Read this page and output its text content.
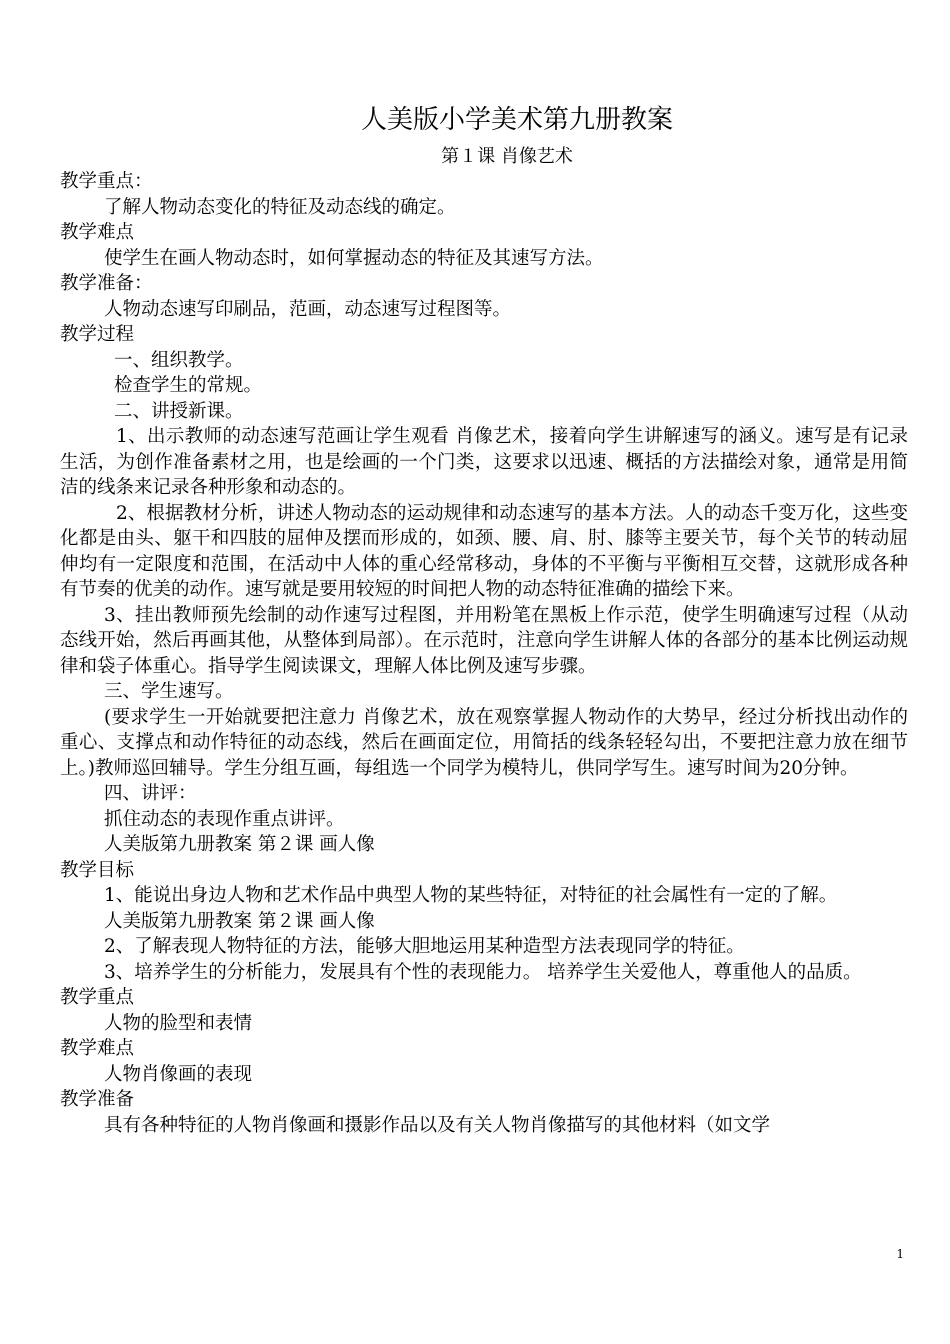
人美版小学美术第九册教案
第１课 肖像艺术

教学重点：

了解人物动态变化的特征及动态线的确定。

教学难点

使学生在画人物动态时，如何掌握动态的特征及其速写方法。

教学准备：

人物动态速写印刷品，范画，动态速写过程图等。

教学过程

一、组织教学。

检查学生的常规。

二、讲授新课。

1、出示教师的动态速写范画让学生观看 肖像艺术，接着向学生讲解速写的涵义。速写是有记录生活，为创作准备素材之用，也是绘画的一个门类，这要求以迅速、概括的方法描绘对象，通常是用简洁的线条来记录各种形象和动态的。

2、根据教材分析，讲述人物动态的运动规律和动态速写的基本方法。人的动态千变万化，这些变化都是由头、躯干和四肢的屈伸及摆而形成的，如颈、腰、肩、肘、膝等主要关节，每个关节的转动屈伸均有一定限度和范围，在活动中人体的重心经常移动，身体的不平衡与平衡相互交替，这就形成各种有节奏的优美的动作。速写就是要用较短的时间把人物的动态特征准确的描绘下来。

3、挂出教师预先绘制的动作速写过程图，并用粉笔在黑板上作示范，使学生明确速写过程（从动态线开始，然后再画其他，从整体到局部）。在示范时，注意向学生讲解人体的各部分的基本比例运动规律和袋子体重心。指导学生阅读课文，理解人体比例及速写步骤。

三、学生速写。

(要求学生一开始就要把注意力 肖像艺术，放在观察掌握人物动作的大势早，经过分析找出动作的重心、支撑点和动作特征的动态线，然后在画面定位，用简括的线条轻轻勾出，不要把注意力放在细节上。)教师巡回辅导。学生分组互画，每组选一个同学为模特儿，供同学写生。速写时间为20分钟。

四、讲评：

抓住动态的表现作重点讲评。

人美版第九册教案 第２课 画人像

教学目标

1、能说出身边人物和艺术作品中典型人物的某些特征，对特征的社会属性有一定的了解。

人美版第九册教案 第２课 画人像

2、了解表现人物特征的方法，能够大胆地运用某种造型方法表现同学的特征。

3、培养学生的分析能力，发展具有个性的表现能力。 培养学生关爱他人，尊重他人的品质。

教学重点

人物的脸型和表情

教学难点

人物肖像画的表现

教学准备

具有各种特征的人物肖像画和摄影作品以及有关人物肖像描写的其他材料（如文学

1
